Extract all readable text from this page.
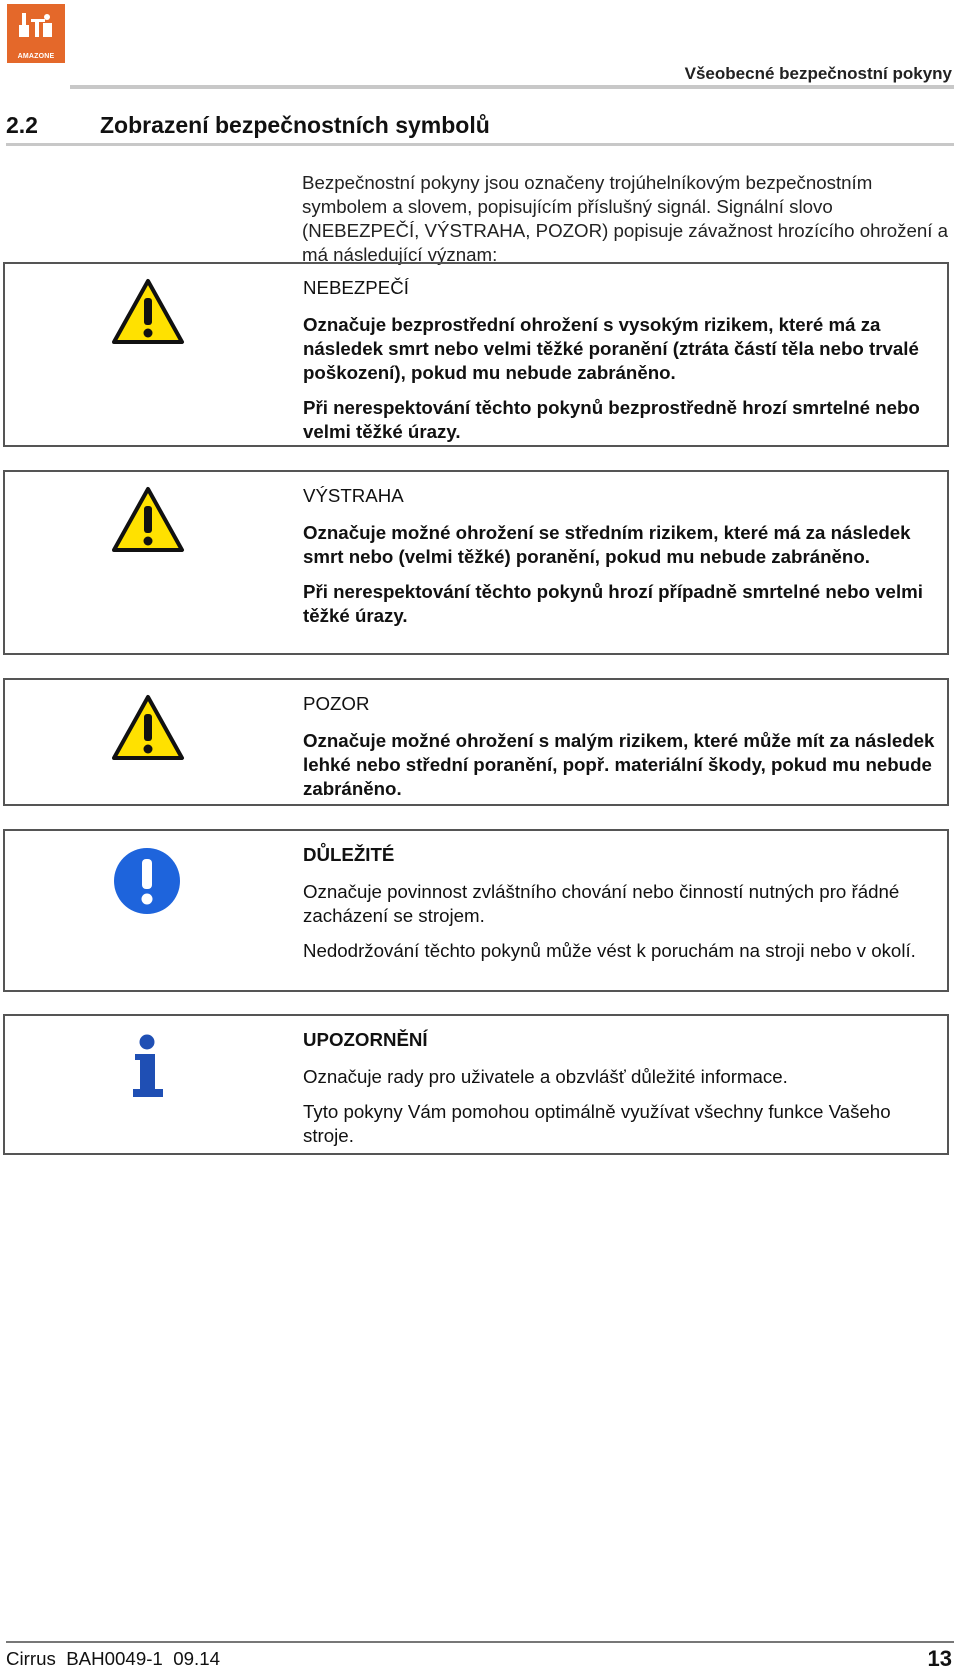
AMAZONE
Všeobecné bezpečnostní pokyny
2.2	Zobrazení bezpečnostních symbolů
Bezpečnostní pokyny jsou označeny trojúhelníkovým bezpečnostním symbolem a slovem, popisujícím příslušný signál. Signální slovo (NEBEZPEČÍ, VÝSTRAHA, POZOR) popisuje závažnost hrozícího ohrožení a má následující význam:

NEBEZPEČÍ

Označuje bezprostřední ohrožení s vysokým rizikem, které má za následek smrt nebo velmi těžké poranění (ztráta částí těla nebo trvalé poškození), pokud mu nebude zabráněno.

Při nerespektování těchto pokynů bezprostředně hrozí smrtelné nebo velmi těžké úrazy.

VÝSTRAHA

Označuje možné ohrožení se středním rizikem, které má za následek smrt nebo (velmi těžké) poranění, pokud mu nebude zabráněno.

Při nerespektování těchto pokynů hrozí případně smrtelné nebo velmi těžké úrazy.

POZOR

Označuje možné ohrožení s malým rizikem, které může mít za následek lehké nebo střední poranění, popř. materiální škody, pokud mu nebude zabráněno.

DŮLEŽITÉ

Označuje povinnost zvláštního chování nebo činností nutných pro řádné zacházení se strojem.

Nedodržování těchto pokynů může vést k poruchám na stroji nebo v okolí.

UPOZORNĚNÍ

Označuje rady pro uživatele a obzvlášť důležité informace.

Tyto pokyny Vám pomohou optimálně využívat všechny funkce Vašeho stroje.

Cirrus  BAH0049-1  09.14	13
